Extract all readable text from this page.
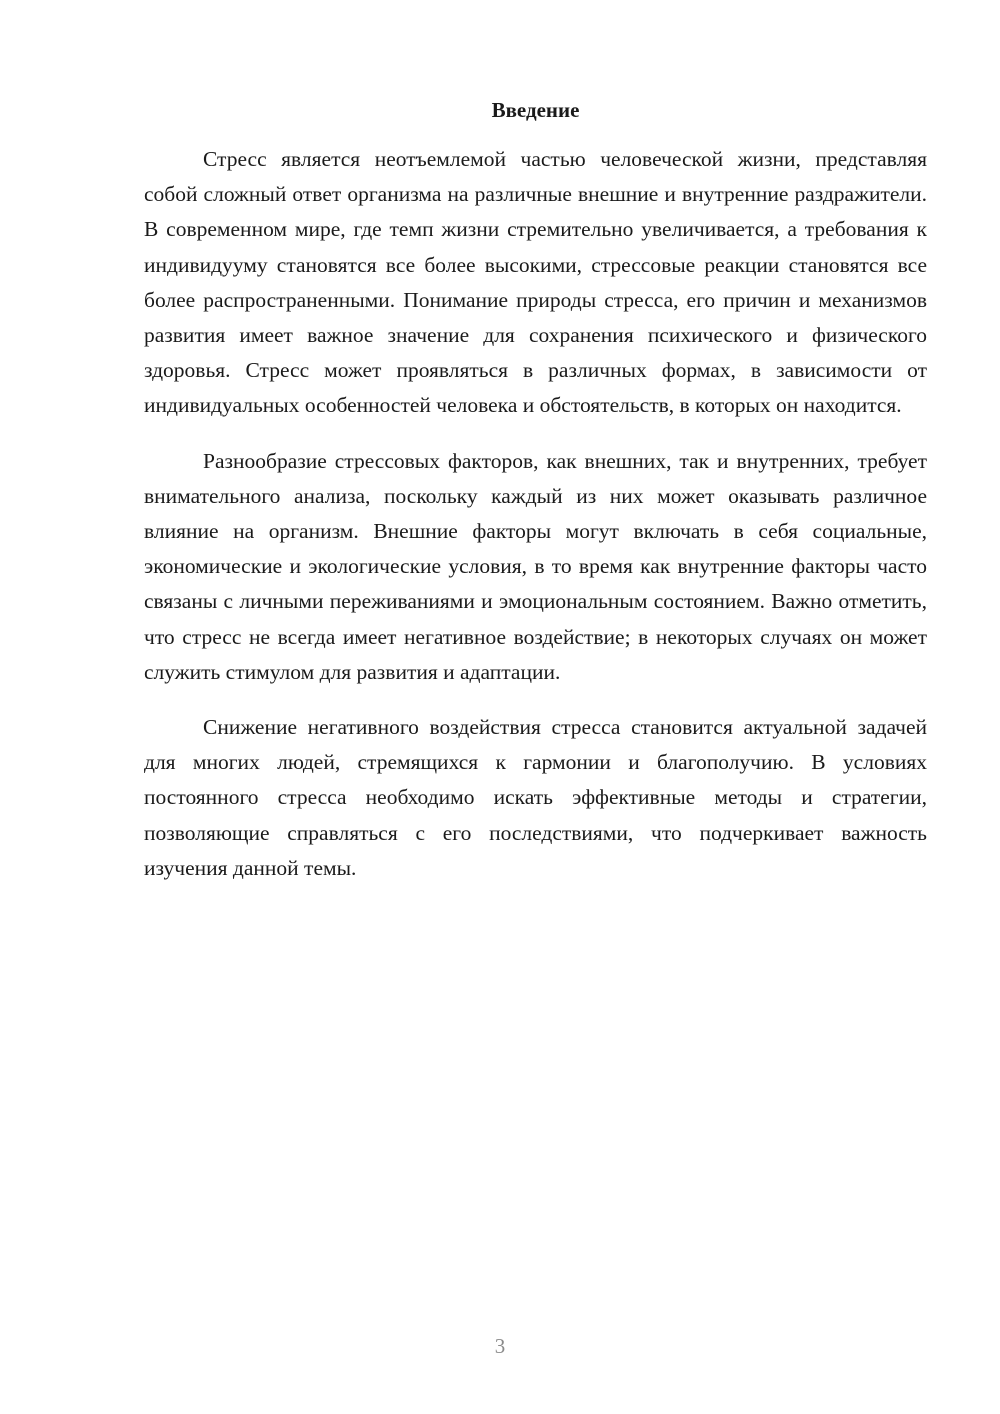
Введение

Стресс является неотъемлемой частью человеческой жизни, представляя собой сложный ответ организма на различные внешние и внутренние раздражители. В современном мире, где темп жизни стремительно увеличивается, а требования к индивидууму становятся все более высокими, стрессовые реакции становятся все более распространенными. Понимание природы стресса, его причин и механизмов развития имеет важное значение для сохранения психического и физического здоровья. Стресс может проявляться в различных формах, в зависимости от индивидуальных особенностей человека и обстоятельств, в которых он находится.

Разнообразие стрессовых факторов, как внешних, так и внутренних, требует внимательного анализа, поскольку каждый из них может оказывать различное влияние на организм. Внешние факторы могут включать в себя социальные, экономические и экологические условия, в то время как внутренние факторы часто связаны с личными переживаниями и эмоциональным состоянием. Важно отметить, что стресс не всегда имеет негативное воздействие; в некоторых случаях он может служить стимулом для развития и адаптации.

Снижение негативного воздействия стресса становится актуальной задачей для многих людей, стремящихся к гармонии и благополучию. В условиях постоянного стресса необходимо искать эффективные методы и стратегии, позволяющие справляться с его последствиями, что подчеркивает важность изучения данной темы.

3
